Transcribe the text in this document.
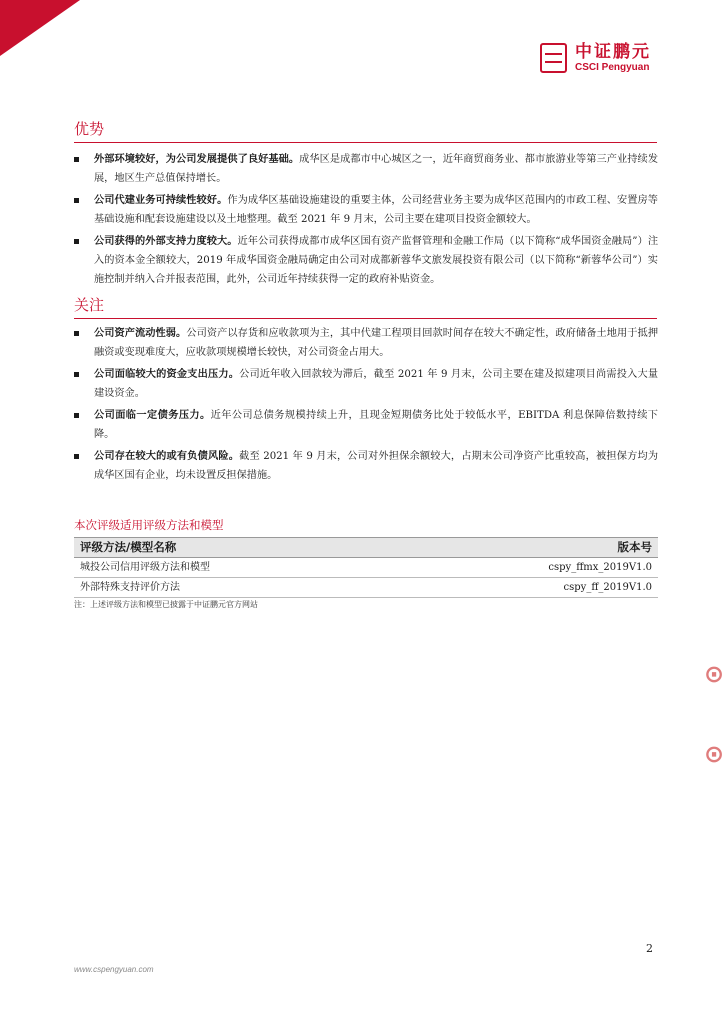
中证鹏元
CSCI Pengyuan
优势
外部环境较好，为公司发展提供了良好基础。成华区是成都市中心城区之一，近年商贸商务业、都市旅游业等第三产业持续发展，地区生产总值保持增长。
公司代建业务可持续性较好。作为成华区基础设施建设的重要主体，公司经营业务主要为成华区范围内的市政工程、安置房等基础设施和配套设施建设以及土地整理。截至 2021 年 9 月末，公司主要在建项目投资金额较大。
公司获得的外部支持力度较大。近年公司获得成都市成华区国有资产监督管理和金融工作局（以下简称“成华国资金融局”）注入的资本金全额较大，2019 年成华国资金融局确定由公司对成都新蓉华文旅发展投资有限公司（以下简称“新蓉华公司”）实施控制并纳入合并报表范围，此外，公司近年持续获得一定的政府补贴资金。
关注
公司资产流动性弱。公司资产以存货和应收款项为主，其中代建工程项目回款时间存在较大不确定性，政府储备土地用于抵押融资或变现难度大，应收款项规模增长较快，对公司资金占用大。
公司面临较大的资金支出压力。公司近年收入回款较为滞后，截至 2021 年 9 月末，公司主要在建及拟建项目尚需投入大量建设资金。
公司面临一定债务压力。近年公司总债务规模持续上升，且现金短期债务比处于较低水平，EBITDA 利息保障倍数持续下降。
公司存在较大的或有负债风险。截至 2021 年 9 月末，公司对外担保余额较大，占期末公司净资产比重较高，被担保方均为成华区国有企业，均未设置反担保措施。
本次评级适用评级方法和模型
评级方法/模型名称	版本号
城投公司信用评级方法和模型	cspy_ffmx_2019V1.0
外部特殊支持评价方法	cspy_ff_2019V1.0
注：上述评级方法和模型已披露于中证鹏元官方网站
⊙
⊙
2
www.cspengyuan.com
